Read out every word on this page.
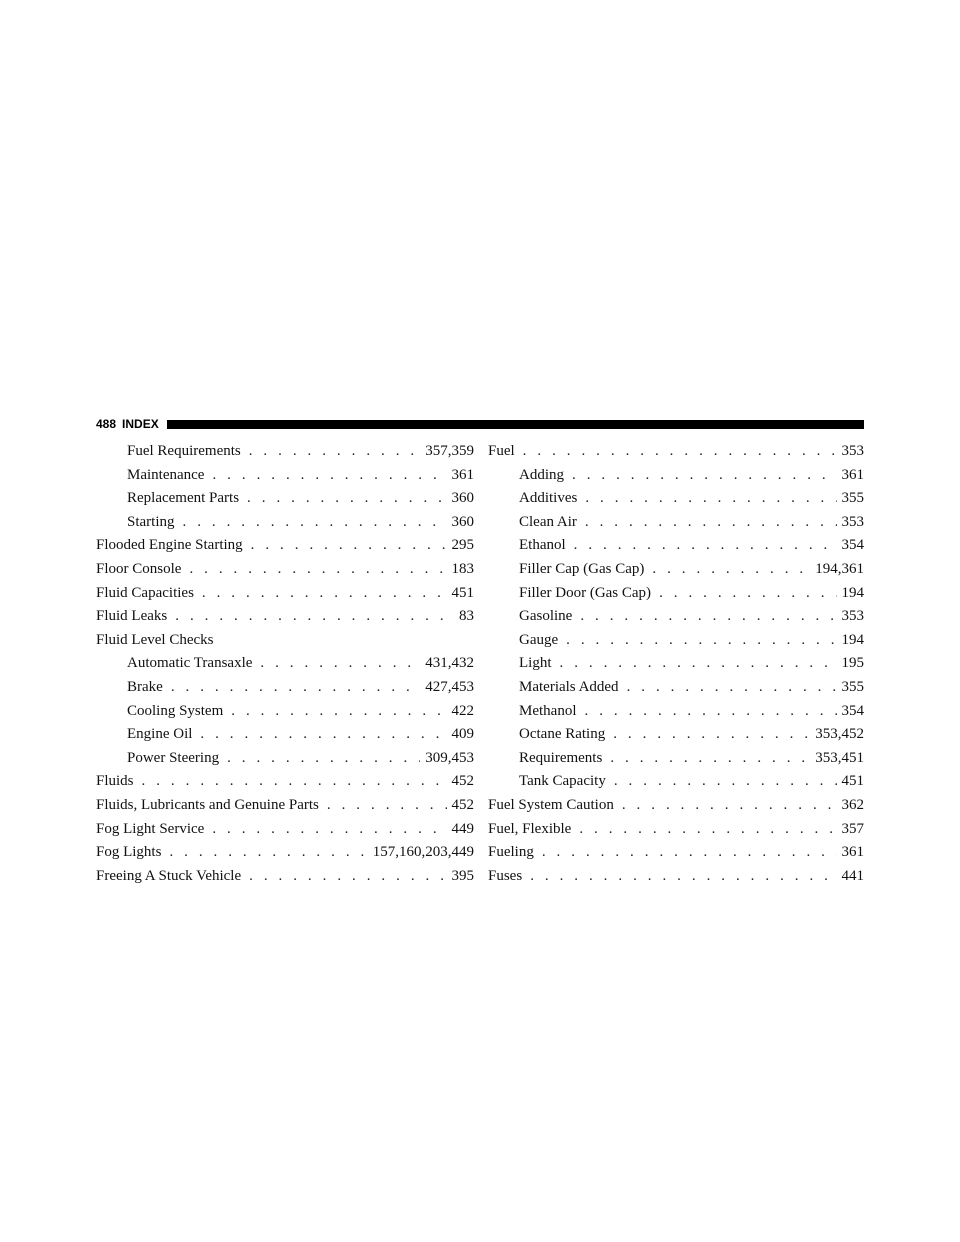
488 INDEX
Fuel Requirements . . .	357,359
Maintenance . . .	361
Replacement Parts . . .	360
Starting . . .	360
Flooded Engine Starting . . .	295
Floor Console . . .	183
Fluid Capacities . . .	451
Fluid Leaks . . .	83
Fluid Level Checks
Automatic Transaxle . . .	431,432
Brake . . .	427,453
Cooling System . . .	422
Engine Oil . . .	409
Power Steering . . .	309,453
Fluids . . .	452
Fluids, Lubricants and Genuine Parts . . .	452
Fog Light Service . . .	449
Fog Lights . . .	157,160,203,449
Freeing A Stuck Vehicle . . .	395
Fuel . . .	353
Adding . . .	361
Additives . . .	355
Clean Air . . .	353
Ethanol . . .	354
Filler Cap (Gas Cap) . . .	194,361
Filler Door (Gas Cap) . . .	194
Gasoline . . .	353
Gauge . . .	194
Light . . .	195
Materials Added . . .	355
Methanol . . .	354
Octane Rating . . .	353,452
Requirements . . .	353,451
Tank Capacity . . .	451
Fuel System Caution . . .	362
Fuel, Flexible . . .	357
Fueling . . .	361
Fuses . . .	441
